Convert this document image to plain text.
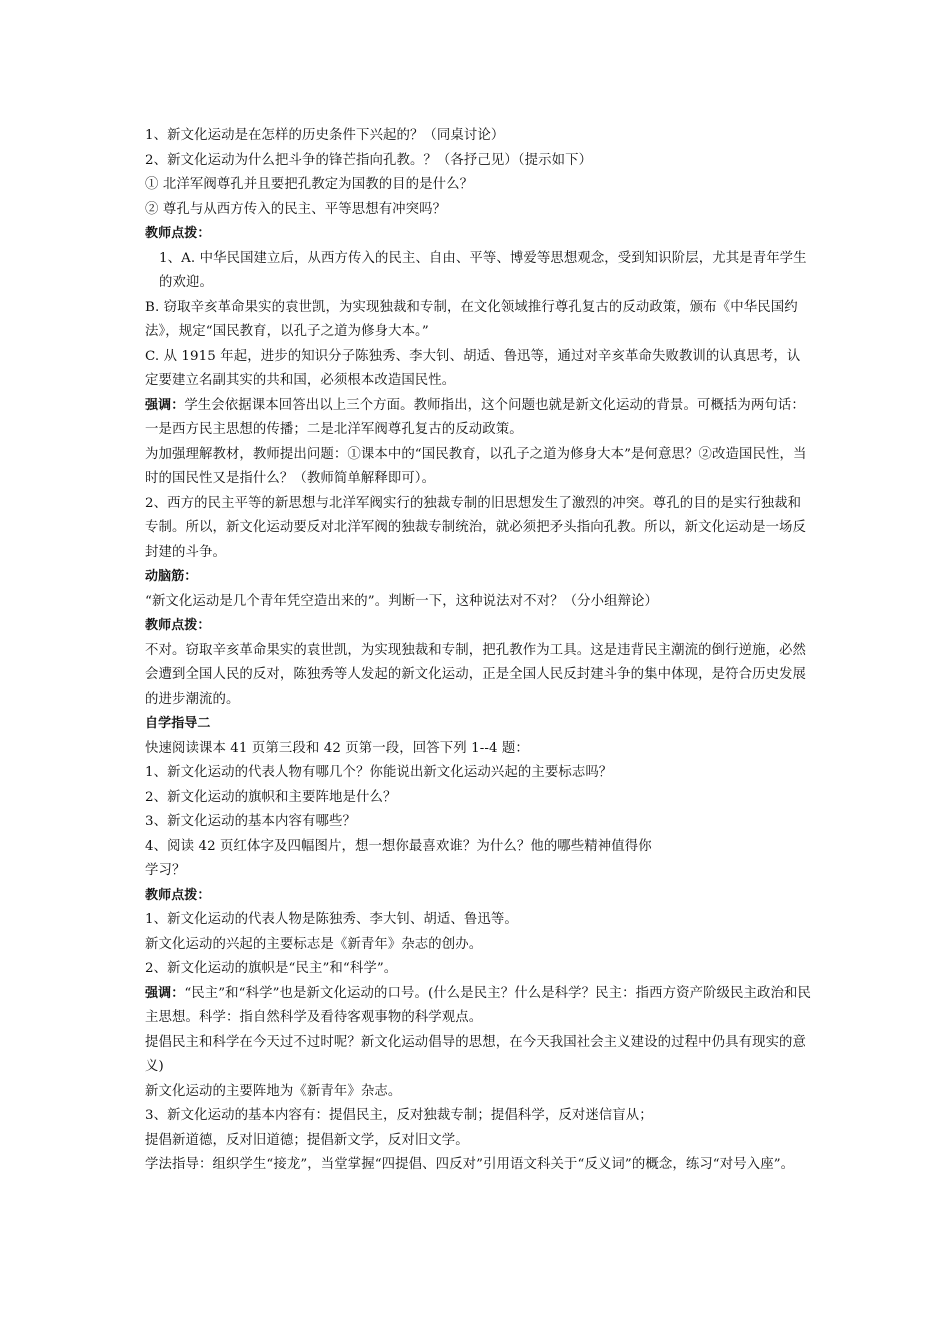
1、新文化运动是在怎样的历史条件下兴起的？（同桌讨论）
2、新文化运动为什么把斗争的锋芒指向孔教。？（各抒己见）（提示如下）
① 北洋军阀尊孔并且要把孔教定为国教的目的是什么？
② 尊孔与从西方传入的民主、平等思想有冲突吗？
教师点拨：
1、A. 中华民国建立后，从西方传入的民主、自由、平等、博爱等思想观念，受到知识阶层，尤其是青年学生的欢迎。
B. 窃取辛亥革命果实的袁世凯，为实现独裁和专制，在文化领域推行尊孔复古的反动政策，颁布《中华民国约法》，规定“国民教育，以孔子之道为修身大本。”
C. 从 1915 年起，进步的知识分子陈独秀、李大钊、胡适、鲁迅等，通过对辛亥革命失败教训的认真思考，认定要建立名副其实的共和国，必须根本改造国民性。
强调：学生会依据课本回答出以上三个方面。教师指出，这个问题也就是新文化运动的背景。可概括为两句话：一是西方民主思想的传播；二是北洋军阀尊孔复古的反动政策。
为加强理解教材，教师提出问题：①课本中的“国民教育，以孔子之道为修身大本”是何意思？②改造国民性，当时的国民性又是指什么？（教师简单解释即可）。
2、西方的民主平等的新思想与北洋军阀实行的独裁专制的旧思想发生了激烈的冲突。尊孔的目的是实行独裁和专制。所以，新文化运动要反对北洋军阀的独裁专制统治，就必须把矛头指向孔教。所以，新文化运动是一场反封建的斗争。
动脑筋：
“新文化运动是几个青年凭空造出来的”。判断一下，这种说法对不对？（分小组辩论）
教师点拨：
不对。窃取辛亥革命果实的袁世凯，为实现独裁和专制，把孔教作为工具。这是违背民主潮流的倒行逆施，必然会遭到全国人民的反对，陈独秀等人发起的新文化运动，正是全国人民反封建斗争的集中体现，是符合历史发展的进步潮流的。
自学指导二
快速阅读课本 41 页第三段和 42 页第一段，回答下列 1--4 题：
1、新文化运动的代表人物有哪几个？你能说出新文化运动兴起的主要标志吗？
2、新文化运动的旗帜和主要阵地是什么？
3、新文化运动的基本内容有哪些？
4、阅读 42 页红体字及四幅图片，想一想你最喜欢谁？为什么？他的哪些精神值得你
学习？
教师点拨：
1、新文化运动的代表人物是陈独秀、李大钊、胡适、鲁迅等。
新文化运动的兴起的主要标志是《新青年》杂志的创办。
2、新文化运动的旗帜是“民主”和“科学”。
强调：“民主”和“科学”也是新文化运动的口号。(什么是民主？什么是科学？民主：指西方资产阶级民主政治和民主思想。科学：指自然科学及看待客观事物的科学观点。
提倡民主和科学在今天过不过时呢？新文化运动倡导的思想，在今天我国社会主义建设的过程中仍具有现实的意义)
新文化运动的主要阵地为《新青年》杂志。
3、新文化运动的基本内容有：提倡民主，反对独裁专制；提倡科学，反对迷信盲从；
提倡新道德，反对旧道德；提倡新文学，反对旧文学。
学法指导：组织学生“接龙”，当堂掌握“四提倡、四反对”引用语文科关于“反义词”的概念，练习“对号入座”。
